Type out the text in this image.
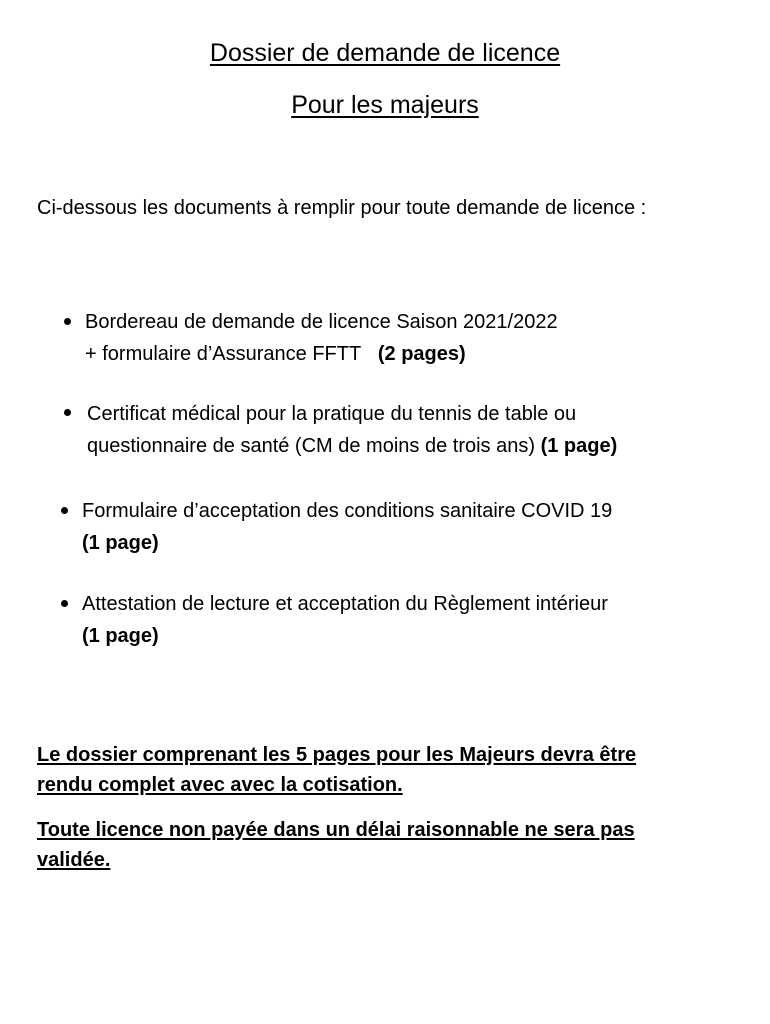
Dossier de demande de licence
Pour les majeurs
Ci-dessous les documents à remplir pour toute demande de licence :
Bordereau de demande de licence Saison 2021/2022
+ formulaire d’Assurance FFTT (2 pages)
Certificat médical pour la pratique du tennis de table ou
questionnaire de santé (CM de moins de trois ans) (1 page)
Formulaire d’acceptation des conditions sanitaire COVID 19
(1 page)
Attestation de lecture et acceptation du Règlement intérieur
(1 page)
Le dossier comprenant les 5 pages pour les Majeurs devra être
rendu complet avec avec la cotisation.
Toute licence non payée dans un délai raisonnable ne sera pas
validée.
